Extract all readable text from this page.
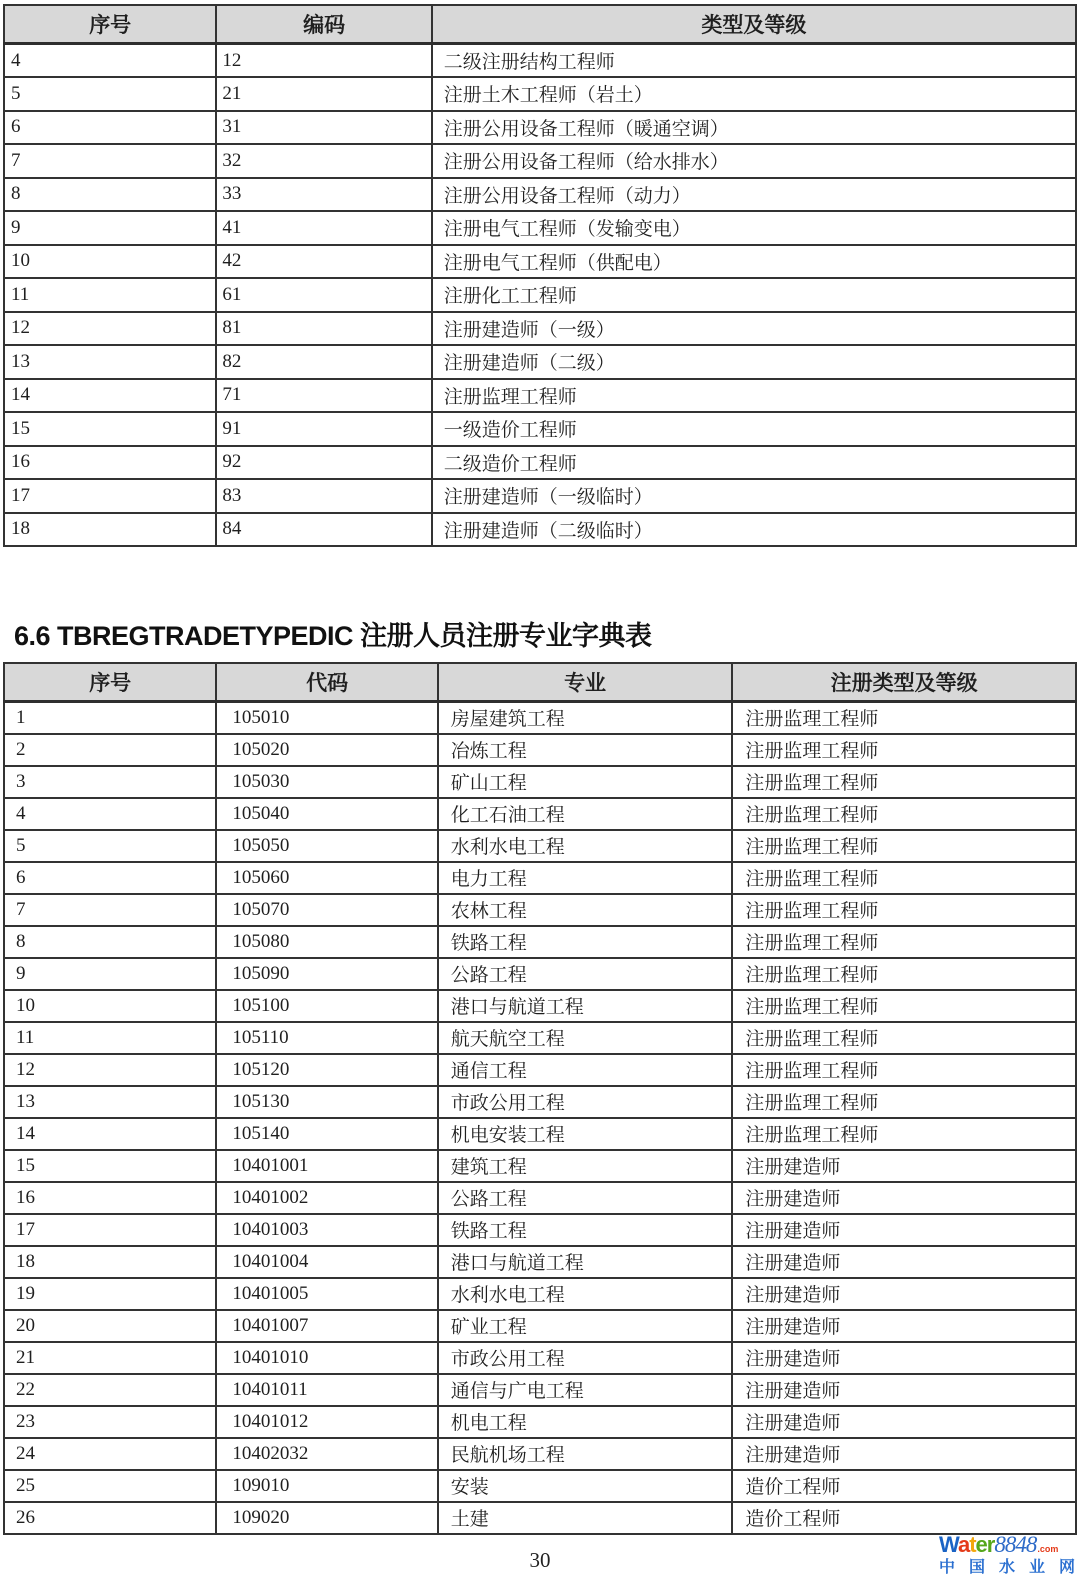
序号	编码	类型及等级
4	12	二级注册结构工程师
5	21	注册土木工程师（岩土）
6	31	注册公用设备工程师（暖通空调）
7	32	注册公用设备工程师（给水排水）
8	33	注册公用设备工程师（动力）
9	41	注册电气工程师（发输变电）
10	42	注册电气工程师（供配电）
11	61	注册化工工程师
12	81	注册建造师（一级）
13	82	注册建造师（二级）
14	71	注册监理工程师
15	91	一级造价工程师
16	92	二级造价工程师
17	83	注册建造师（一级临时）
18	84	注册建造师（二级临时）
6.6 TBREGTRADETYPEDIC 注册人员注册专业字典表
序号	代码	专业	注册类型及等级
1	105010	房屋建筑工程	注册监理工程师
2	105020	冶炼工程	注册监理工程师
3	105030	矿山工程	注册监理工程师
4	105040	化工石油工程	注册监理工程师
5	105050	水利水电工程	注册监理工程师
6	105060	电力工程	注册监理工程师
7	105070	农林工程	注册监理工程师
8	105080	铁路工程	注册监理工程师
9	105090	公路工程	注册监理工程师
10	105100	港口与航道工程	注册监理工程师
11	105110	航天航空工程	注册监理工程师
12	105120	通信工程	注册监理工程师
13	105130	市政公用工程	注册监理工程师
14	105140	机电安装工程	注册监理工程师
15	10401001	建筑工程	注册建造师
16	10401002	公路工程	注册建造师
17	10401003	铁路工程	注册建造师
18	10401004	港口与航道工程	注册建造师
19	10401005	水利水电工程	注册建造师
20	10401007	矿业工程	注册建造师
21	10401010	市政公用工程	注册建造师
22	10401011	通信与广电工程	注册建造师
23	10401012	机电工程	注册建造师
24	10402032	民航机场工程	注册建造师
25	109010	安装	造价工程师
26	109020	土建	造价工程师
30
Water 8848 .com
中 国 水 业 网
